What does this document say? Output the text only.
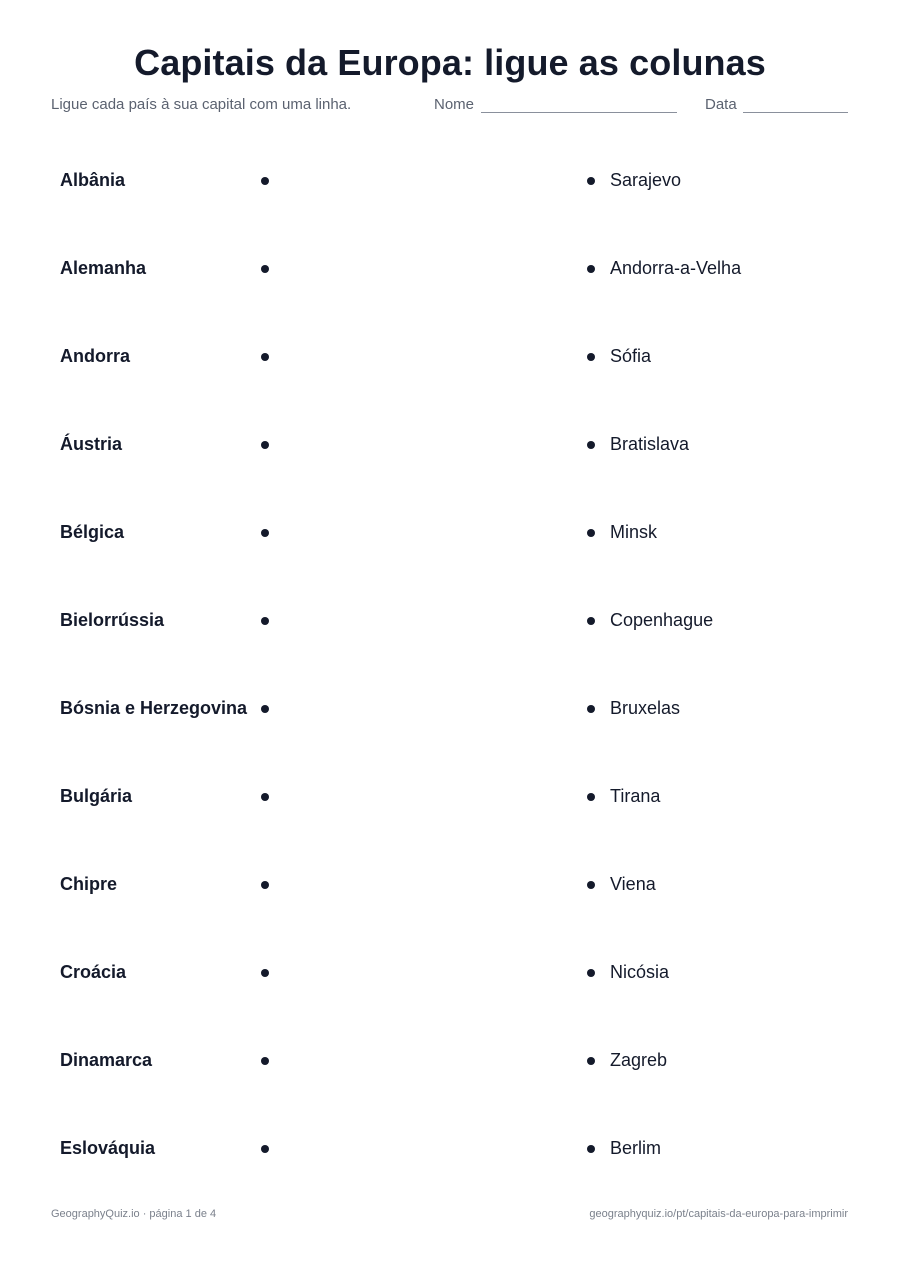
Capitais da Europa: ligue as colunas
Ligue cada país à sua capital com uma linha.	Nome	Data
Albânia	Sarajevo
Alemanha	Andorra-a-Velha
Andorra	Sófia
Áustria	Bratislava
Bélgica	Minsk
Bielorrússia	Copenhague
Bósnia e Herzegovina	Bruxelas
Bulgária	Tirana
Chipre	Viena
Croácia	Nicósia
Dinamarca	Zagreb
Eslováquia	Berlim
GeographyQuiz.io · página 1 de 4	geographyquiz.io/pt/capitais-da-europa-para-imprimir
